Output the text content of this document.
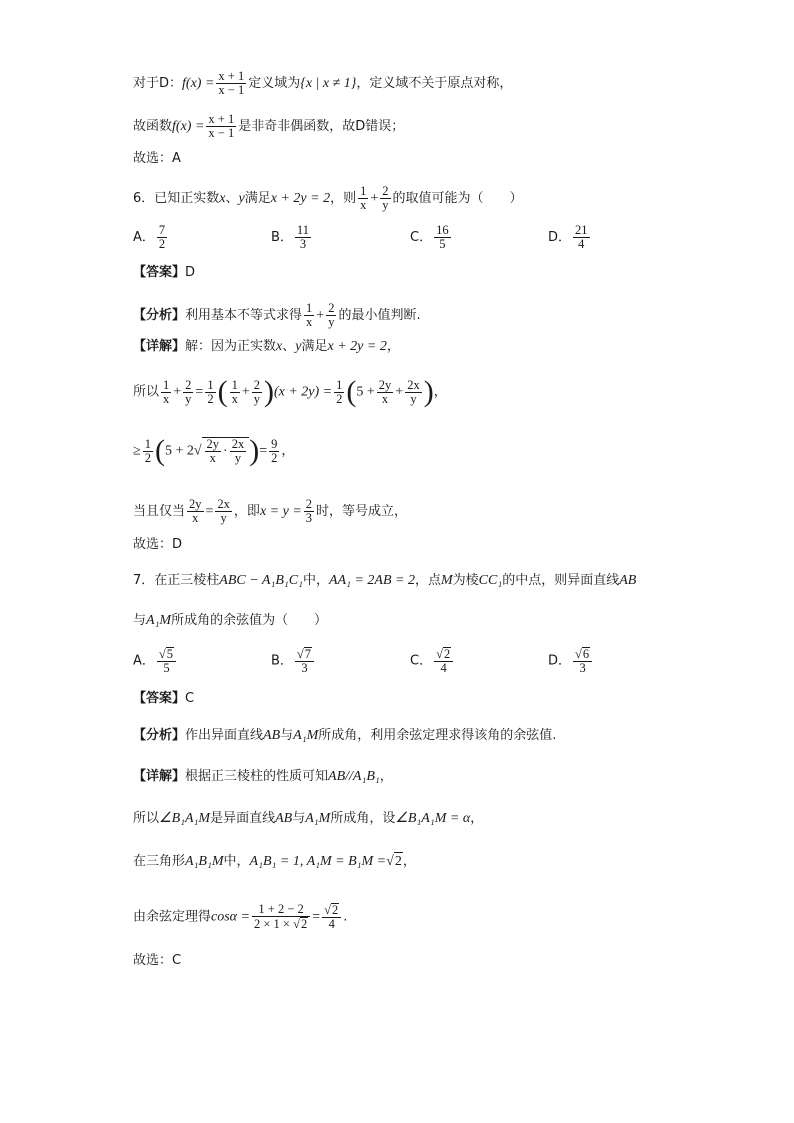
对于D：$f(x) = \frac{x + 1}{x - 1}$ 定义域为{x | x ≠ 1}，定义域不关于原点对称，
故函数$f(x) = \frac{x + 1}{x - 1}$ 是非奇非偶函数，故D错误；
故选：A
6．已知正实数x、y满足x + 2y = 2，则 $\frac{1}{x} + \frac{2}{y}$ 的取值可能为（　　）
A． $\frac{7}{2}$	B． $\frac{11}{3}$	C． $\frac{16}{5}$	D． $\frac{21}{4}$
【答案】D
【分析】利用基本不等式求得 $\frac{1}{x} + \frac{2}{y}$ 的最小值判断.
【详解】解：因为正实数x、y满足x + 2y = 2，
所以 $\frac{1}{x} + \frac{2}{y} = \frac{1}{2}$ ( $\frac{1}{x} + \frac{2}{y} )(x + 2y) = \frac{1}{2} (5 + \frac{2y}{x} + \frac{2x}{y}$ )，
≥ $\frac{1}{2} (5 + 2√ \frac{2y}{x} \cdot \frac{2x}{y}$ )= $\frac{9}{2}$ ，
当且仅当 $\frac{2y}{x} = \frac{2x}{y}$ ，即$x = y = \frac{2}{3}$ 时，等号成立，
故选：D
7．在正三棱柱ABC − A₁B₁C₁中，AA₁ = 2AB = 2，点M为棱CC₁的中点，则异面直线AB
与A₁M所成角的余弦值为（　　）
A． $\frac{√5}{5}$	B． $\frac{√7}{3}$	C． $\frac{√2}{4}$	D． $\frac{√6}{3}$
【答案】C
【分析】作出异面直线AB与A₁M所成角，利用余弦定理求得该角的余弦值.
【详解】根据正三棱柱的性质可知AB//A₁B₁，
所以∠B₁A₁M是异面直线AB与A₁M所成角，设∠B₁A₁M = α，
在三角形A₁B₁M中，A₁B₁ = 1, A₁M = B₁M =√2，
由余弦定理得$\cos\alpha = \frac{1 + 2 - 2}{2 \times 1 \times √2} = \frac{√2}{4}$ .
故选：C
